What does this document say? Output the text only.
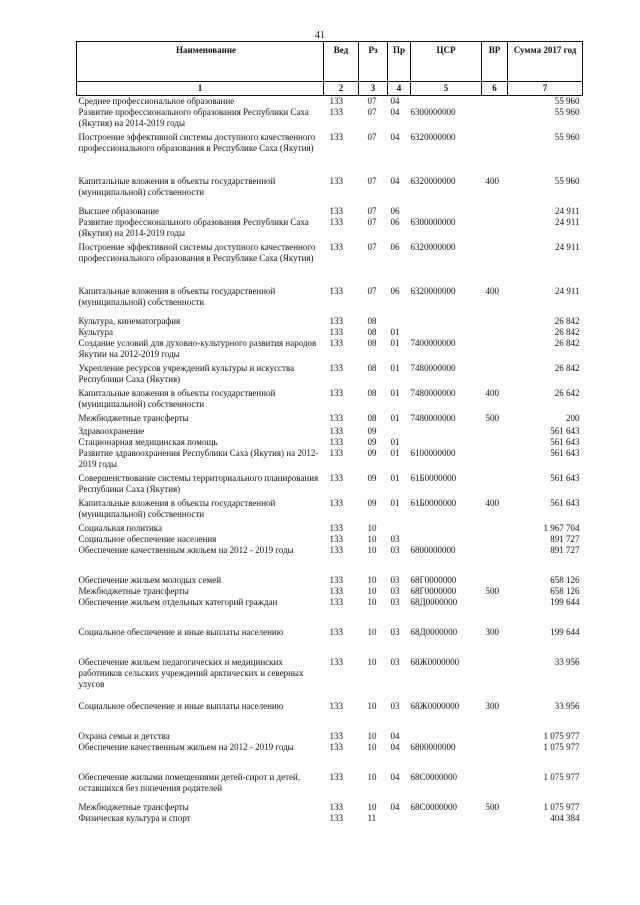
41
Наименование	Вед	Рз	Пр	ЦСР	ВР	Сумма 2017 год
1	2	3	4	5	6	7
Среднее профессиональное образование	133	07	04			55 960
Развитие профессионального образования Республики Саха (Якутия) на 2014-2019 годы	133	07	04	6300000000		55 960
Построение эффективной системы доступного качественного профессионального образования в Республике Саха (Якутия)	133	07	04	6320000000		55 960
Капитальные вложения в объекты государственной (муниципальной) собственности	133	07	04	6320000000	400	55 960
Высшее образование	133	07	06			24 911
Развитие профессионального образования Республики Саха (Якутия) на 2014-2019 годы	133	07	06	6300000000		24 911
Построение эффективной системы доступного качественного профессионального образования в Республике Саха (Якутия)	133	07	06	6320000000		24 911
Капитальные вложения в объекты государственной (муниципальной) собственности	133	07	06	6320000000	400	24 911
Культура, кинематография	133	08				26 842
Культура	133	08	01			26 842
Создание условий для духовно-культурного развития народов Якутии на 2012-2019 годы	133	08	01	7400000000		26 842
Укрепление ресурсов учреждений культуры и искусства Республики Саха (Якутия)	133	08	01	7480000000		26 842
Капитальные вложения в объекты государственной (муниципальной) собственности	133	08	01	7480000000	400	26 642
Межбюджетные трансферты	133	08	01	7480000000	500	200
Здравоохранение	133	09				561 643
Стационарная медицинская помощь	133	09	01			561 643
Развитие здравоохранения Республики Саха (Якутия) на 2012-2019 годы	133	09	01	6100000000		561 643
Совершенствование системы территориального планирования Республики Саха (Якутия)	133	09	01	61Б0000000		561 643
Капитальные вложения в объекты государственной (муниципальной) собственности	133	09	01	61Б0000000	400	561 643
Социальная политика	133	10				1 967 704
Социальное обеспечение населения	133	10	03			891 727
Обеспечение качественным жильем на 2012 - 2019 годы	133	10	03	6800000000		891 727
Обеспечение жильем молодых семей	133	10	03	68Г0000000		658 126
Межбюджетные трансферты	133	10	03	68Г0000000	500	658 126
Обеспечение жильем отдельных категорий граждан	133	10	03	68Д0000000		199 644
Социальное обеспечение и иные выплаты населению	133	10	03	68Д0000000	300	199 644
Обеспечение жильем педагогических и медицинских работников сельских учреждений арктических и северных улусов	133	10	03	68Ж0000000		33 956
Социальное обеспечение и иные выплаты населению	133	10	03	68Ж0000000	300	33 956
Охрана семьи и детства	133	10	04			1 075 977
Обеспечение качественным жильем на 2012 - 2019 годы	133	10	04	6800000000		1 075 977
Обеспечение жилыми помещениями детей-сирот и детей, оставшихся без попечения родителей	133	10	04	68С0000000		1 075 977
Межбюджетные трансферты	133	10	04	68С0000000	500	1 075 977
Физическая культура и спорт	133	11				404 384
